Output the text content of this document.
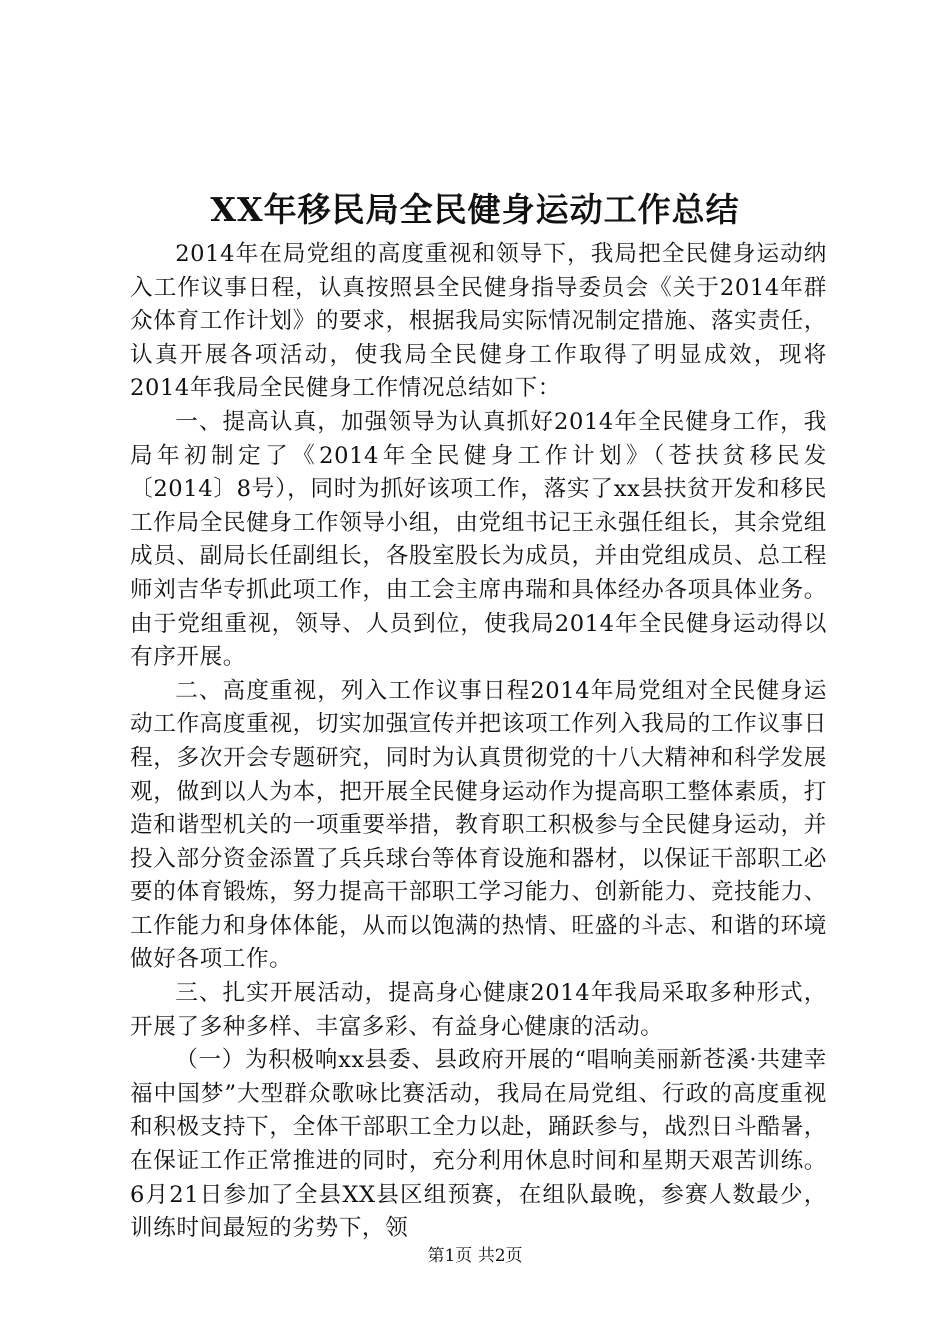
XX年移民局全民健身运动工作总结

2014年在局党组的高度重视和领导下，我局把全民健身运动纳入工作议事日程，认真按照县全民健身指导委员会《关于2014年群众体育工作计划》的要求，根据我局实际情况制定措施、落实责任，认真开展各项活动，使我局全民健身工作取得了明显成效，现将2014年我局全民健身工作情况总结如下：

一、提高认真，加强领导为认真抓好2014年全民健身工作，我局年初制定了《2014年全民健身工作计划》（苍扶贫移民发〔2014〕8号），同时为抓好该项工作，落实了xx县扶贫开发和移民工作局全民健身工作领导小组，由党组书记王永强任组长，其余党组成员、副局长任副组长，各股室股长为成员，并由党组成员、总工程师刘吉华专抓此项工作，由工会主席冉瑞和具体经办各项具体业务。由于党组重视，领导、人员到位，使我局2014年全民健身运动得以有序开展。

二、高度重视，列入工作议事日程2014年局党组对全民健身运动工作高度重视，切实加强宣传并把该项工作列入我局的工作议事日程，多次开会专题研究，同时为认真贯彻党的十八大精神和科学发展观，做到以人为本，把开展全民健身运动作为提高职工整体素质，打造和谐型机关的一项重要举措，教育职工积极参与全民健身运动，并投入部分资金添置了兵兵球台等体育设施和器材，以保证干部职工必要的体育锻炼，努力提高干部职工学习能力、创新能力、竞技能力、工作能力和身体体能，从而以饱满的热情、旺盛的斗志、和谐的环境做好各项工作。

三、扎实开展活动，提高身心健康2014年我局采取多种形式，开展了多种多样、丰富多彩、有益身心健康的活动。

（一）为积极响xx县委、县政府开展的“唱响美丽新苍溪·共建幸福中国梦”大型群众歌咏比赛活动，我局在局党组、行政的高度重视和积极支持下，全体干部职工全力以赴，踊跃参与，战烈日斗酷暑，在保证工作正常推进的同时，充分利用休息时间和星期天艰苦训练。6月21日参加了全县XX县区组预赛，在组队最晚，参赛人数最少，训练时间最短的劣势下，领

第1页 共2页
